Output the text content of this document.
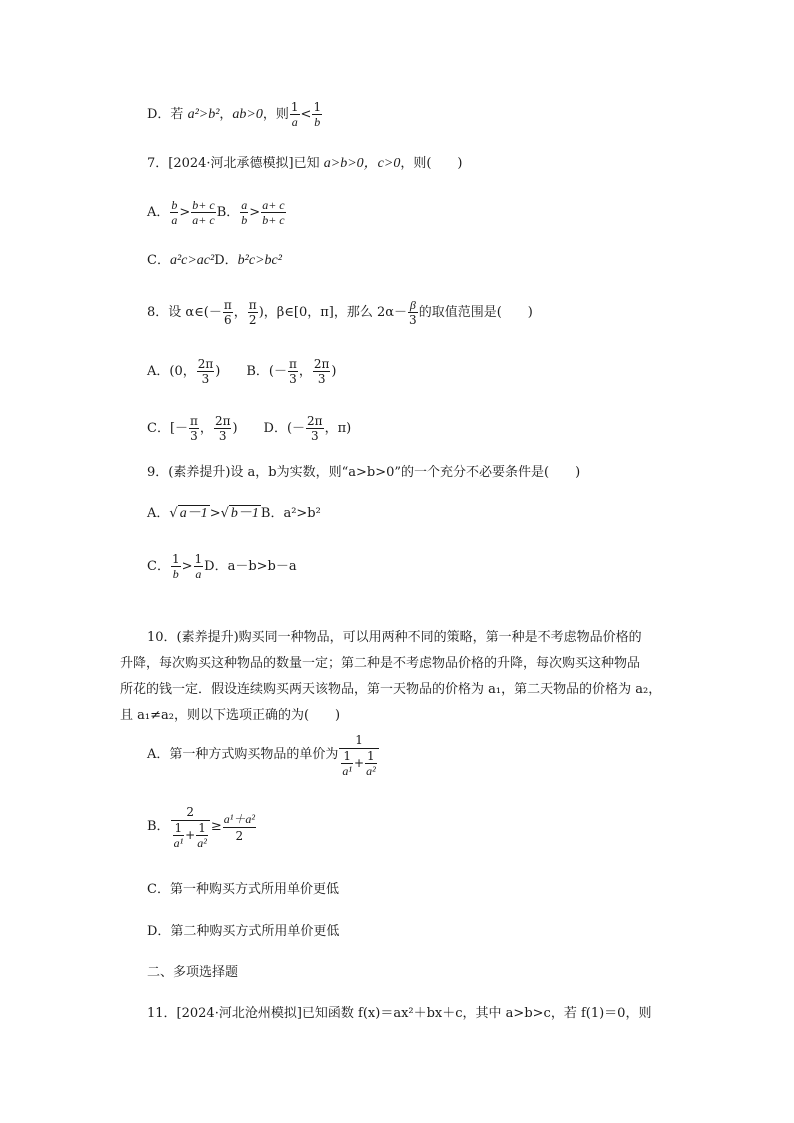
D．若 a²>b²，ab>0，则 $\frac{1}{a} < \frac{1}{b}$
7．[2024·河北承德模拟]已知 a>b>0，c>0，则(　　)
A． $\frac{b}{a} > \frac{b+ c}{a+ c}$ B． $\frac{a}{b} > \frac{a+ c}{b+ c}$
C．a²c>ac²D．b²c>bc²
8．设 α∈(－ $\frac{\pi}{6}$ ， $\frac{\pi}{2}$ )，β∈[0，π]，那么 $2\alpha- \frac{\beta}{3}$ 的取值范围是(　　)
A．(0， $\frac{2\pi}{3}$ ) B．(－ $\frac{\pi}{3}$ ， $\frac{2\pi}{3}$ )
C．[－ $\frac{\pi}{3}$ ， $\frac{2\pi}{3}$ ) D．(－ $\frac{2\pi}{3}$ ，π)
9．(素养提升)设 a，b为实数，则“a>b>0”的一个充分不必要条件是(　　)
A．√ a－1 >√ b－1 B．a²>b²
C． $\frac{1}{b} > \frac{1}{a}$ D．a－b>b－a
10．(素养提升)购买同一种物品，可以用两种不同的策略，第一种是不考虑物品价格的
升降，每次购买这种物品的数量一定；第二种是不考虑物品价格的升降，每次购买这种物品
所花的钱一定．假设连续购买两天该物品，第一天物品的价格为 a₁，第二天物品的价格为 a₂，
且 a₁≠a₂，则以下选项正确的为(　　)
A．第一种方式购买物品的单价为 $\frac{1}{\frac{1}{\text{a¹}} + \frac{1}{\text{a²}}}$
B． $\frac{2}{\frac{1}{\text{a¹}} + \frac{1}{\text{a²}}} \ge \frac{\text{a¹＋a²}}{2}$
C．第一种购买方式所用单价更低
D．第二种购买方式所用单价更低
二、多项选择题
11．[2024·河北沧州模拟]已知函数 f(x)＝ax²＋bx＋c，其中 a>b>c，若 f(1)＝0，则
